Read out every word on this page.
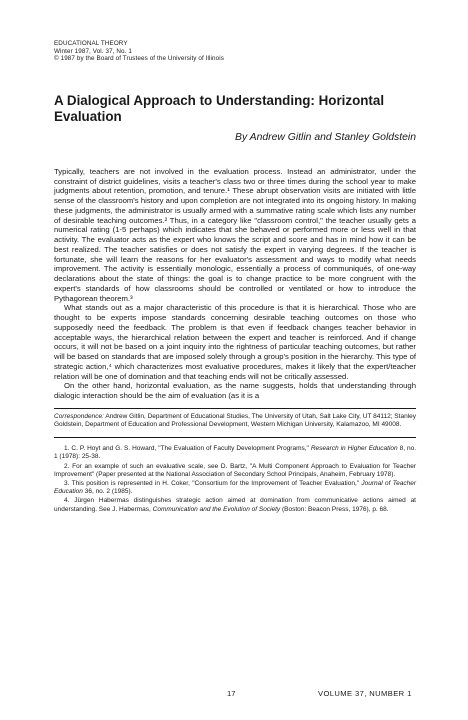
EDUCATIONAL THEORY
Winter 1987, Vol. 37, No. 1
© 1987 by the Board of Trustees of the University of Illinois
A Dialogical Approach to Understanding: Horizontal
Evaluation
By Andrew Gitlin and Stanley Goldstein

Typically, teachers are not involved in the evaluation process. Instead an administrator, under the constraint of district guidelines, visits a teacher's class two or three times during the school year to make judgments about retention, promotion, and tenure.¹ These abrupt observation visits are initiated with little sense of the classroom's history and upon completion are not integrated into its ongoing history. In making these judgments, the administrator is usually armed with a summative rating scale which lists any number of desirable teaching outcomes.² Thus, in a category like "classroom control," the teacher usually gets a numerical rating (1-5 perhaps) which indicates that she behaved or performed more or less well in that activity. The evaluator acts as the expert who knows the script and score and has in mind how it can be best realized. The teacher satisfies or does not satisfy the expert in varying degrees. If the teacher is fortunate, she will learn the reasons for her evaluator's assessment and ways to modify what needs improvement. The activity is essentially monologic, essentially a process of communiqués, of one-way declarations about the state of things: the goal is to change practice to be more congruent with the expert's standards of how classrooms should be controlled or ventilated or how to introduce the Pythagorean theorem.³

What stands out as a major characteristic of this procedure is that it is hierarchical. Those who are thought to be experts impose standards concerning desirable teaching outcomes on those who supposedly need the feedback. The problem is that even if feedback changes teacher behavior in acceptable ways, the hierarchical relation between the expert and teacher is reinforced. And if change occurs, it will not be based on a joint inquiry into the rightness of particular teaching outcomes, but rather will be based on standards that are imposed solely through a group's position in the hierarchy. This type of strategic action,⁴ which characterizes most evaluative procedures, makes it likely that the expert/teacher relation will be one of domination and that teaching ends will not be critically assessed.

On the other hand, horizontal evaluation, as the name suggests, holds that understanding through dialogic interaction should be the aim of evaluation (as it is a

Correspondence: Andrew Gitlin, Department of Educational Studies, The University of Utah, Salt Lake City, UT 84112; Stanley Goldstein, Department of Education and Professional Development, Western Michigan University, Kalamazoo, MI 49008.

1. C. P. Hoyt and G. S. Howard, "The Evaluation of Faculty Development Programs," Research in Higher Education 8, no. 1 (1978): 25-38.

2. For an example of such an evaluative scale, see D. Bartz, "A Multi Component Approach to Evaluation for Teacher Improvement" (Paper presented at the National Association of Secondary School Principals, Anaheim, February 1978).

3. This position is represented in H. Coker, "Consortium for the Improvement of Teacher Evaluation," Journal of Teacher Education 36, no. 2 (1985).

4. Jürgen Habermas distinguishes strategic action aimed at domination from communicative actions aimed at understanding. See J. Habermas, Communication and the Evolution of Society (Boston: Beacon Press, 1976), p. 68.

17	VOLUME 37, NUMBER 1
